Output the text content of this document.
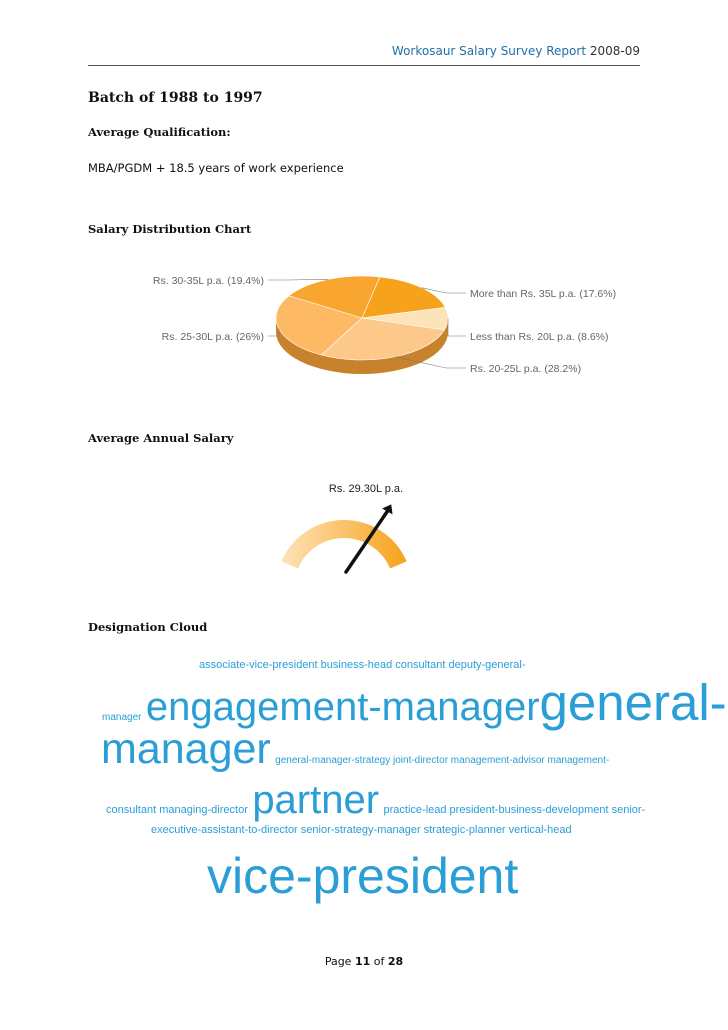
Workosaur Salary Survey Report 2008-09
Batch of 1988 to 1997
Average Qualification:
MBA/PGDM + 18.5 years of work experience
Salary Distribution Chart
More than Rs. 35L p.a. (17.6%)
Less than Rs. 20L p.a. (8.6%)
Rs. 20-25L p.a. (28.2%)
Rs. 25-30L p.a. (26%)
Rs. 30-35L p.a. (19.4%)
Average Annual Salary
Rs. 29.30L p.a.
Designation Cloud
associate-vice-president business-head consultant deputy-general-
manager engagement-managergeneral-
manager general-manager-strategy joint-director management-advisor management-
consultant managing-director partner practice-lead president-business-development senior-
executive-assistant-to-director senior-strategy-manager strategic-planner vertical-head
vice-president
Page 11 of 28
